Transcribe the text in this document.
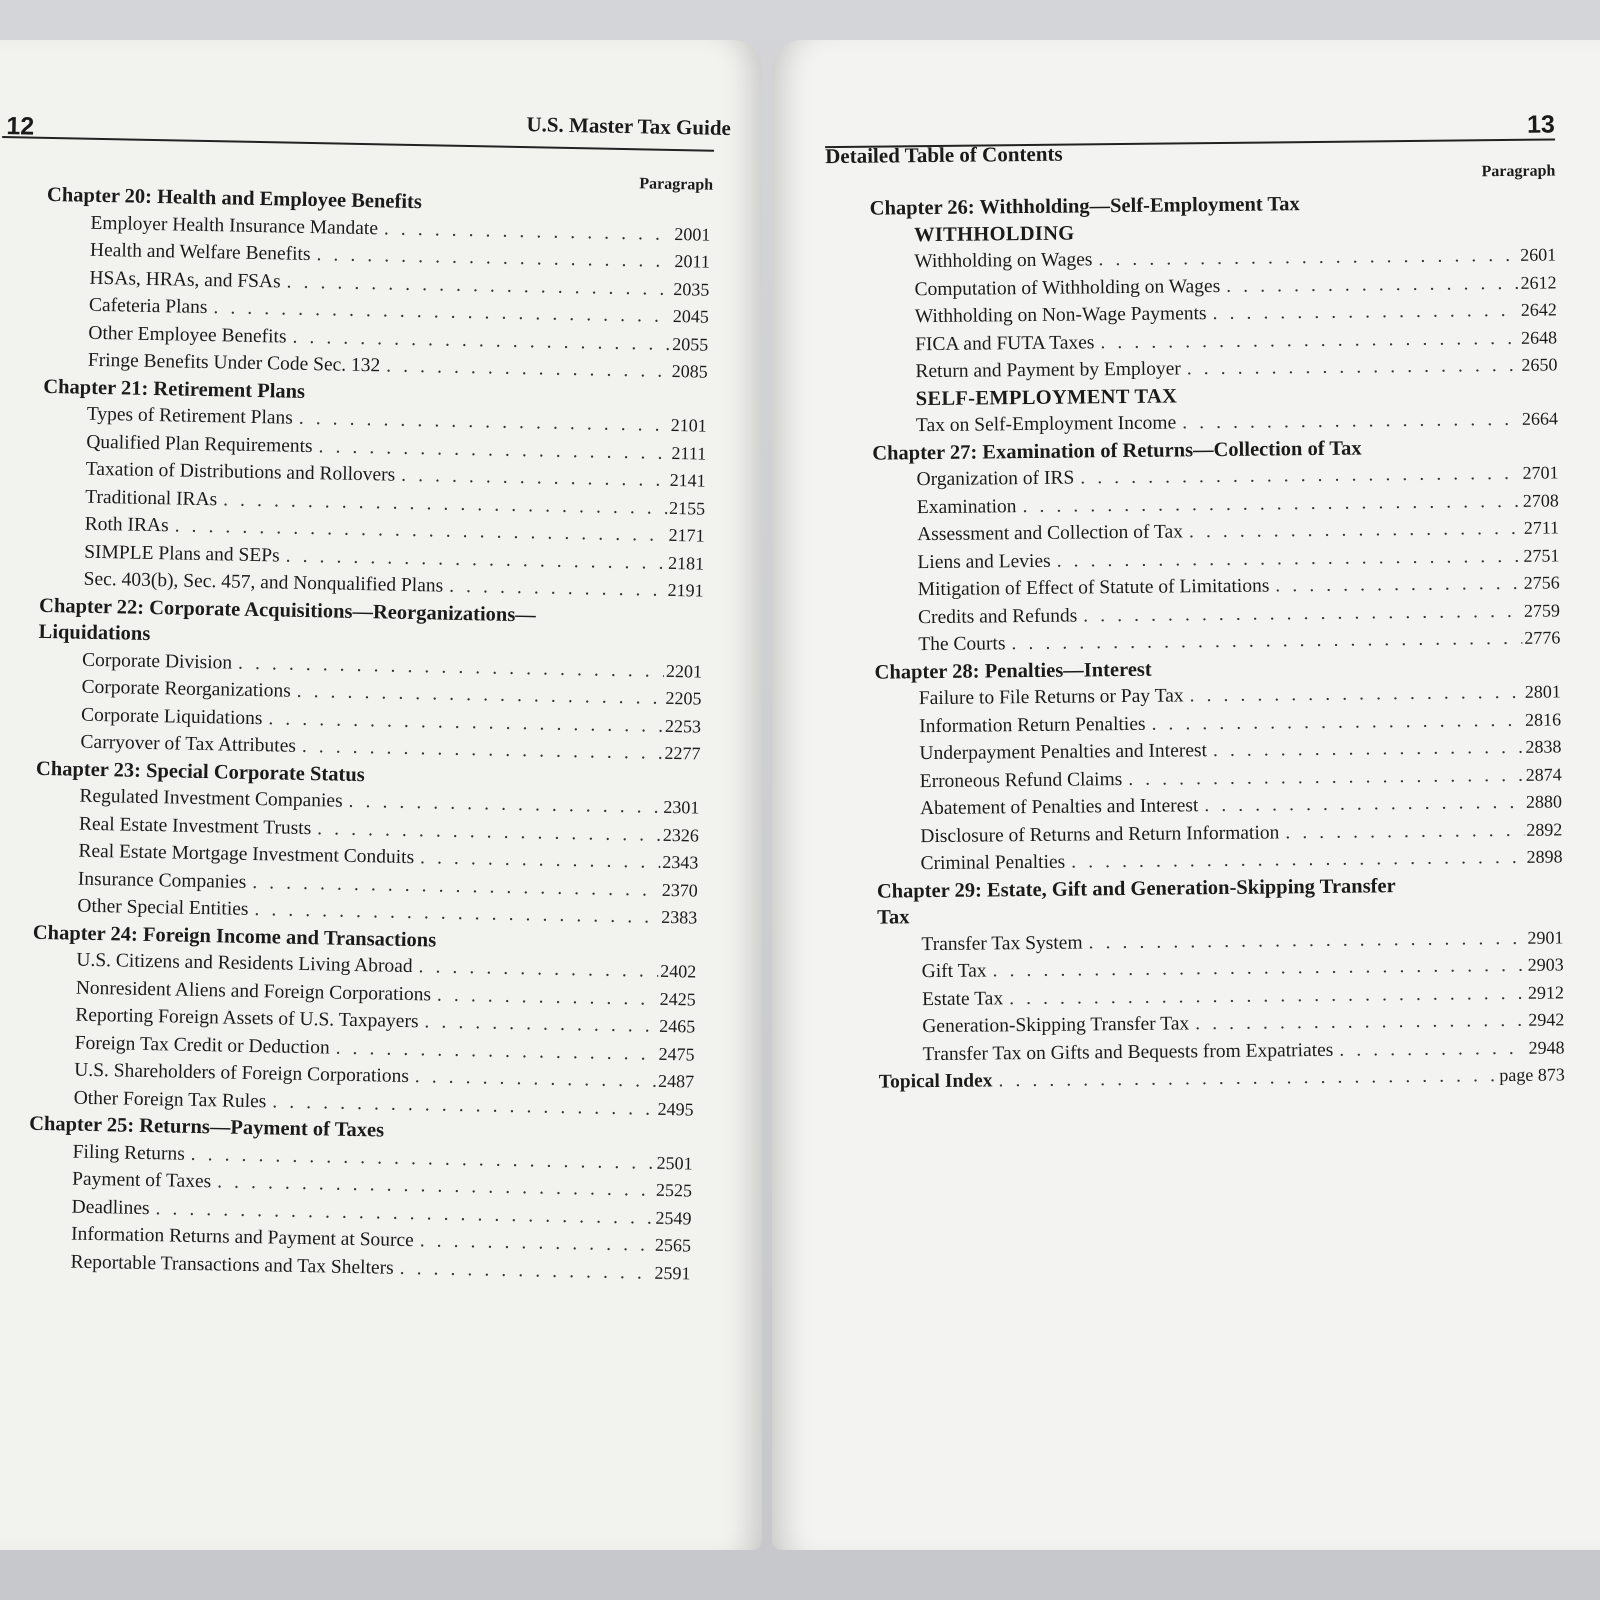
12	U.S. Master Tax Guide
Paragraph
Chapter 20: Health and Employee Benefits
Employer Health Insurance Mandate . . .	2001
Health and Welfare Benefits . . .	2011
HSAs, HRAs, and FSAs . . .	2035
Cafeteria Plans . . .	2045
Other Employee Benefits . . .	2055
Fringe Benefits Under Code Sec. 132 . . .	2085
Chapter 21: Retirement Plans
Types of Retirement Plans . . .	2101
Qualified Plan Requirements . . .	2111
Taxation of Distributions and Rollovers . . .	2141
Traditional IRAs . . .	2155
Roth IRAs . . .	2171
SIMPLE Plans and SEPs . . .	2181
Sec. 403(b), Sec. 457, and Nonqualified Plans . . .	2191
Chapter 22: Corporate Acquisitions—Reorganizations—Liquidations
Corporate Division . . .	2201
Corporate Reorganizations . . .	2205
Corporate Liquidations . . .	2253
Carryover of Tax Attributes . . .	2277
Chapter 23: Special Corporate Status
Regulated Investment Companies . . .	2301
Real Estate Investment Trusts . . .	2326
Real Estate Mortgage Investment Conduits . . .	2343
Insurance Companies . . .	2370
Other Special Entities . . .	2383
Chapter 24: Foreign Income and Transactions
U.S. Citizens and Residents Living Abroad . . .	2402
Nonresident Aliens and Foreign Corporations . . .	2425
Reporting Foreign Assets of U.S. Taxpayers . . .	2465
Foreign Tax Credit or Deduction . . .	2475
U.S. Shareholders of Foreign Corporations . . .	2487
Other Foreign Tax Rules . . .	2495
Chapter 25: Returns—Payment of Taxes
Filing Returns . . .	2501
Payment of Taxes . . .	2525
Deadlines . . .	2549
Information Returns and Payment at Source . . .	2565
Reportable Transactions and Tax Shelters . . .	2591
Detailed Table of Contents
13
Paragraph
Chapter 26: Withholding—Self-Employment Tax
WITHHOLDING
Withholding on Wages . . .	2601
Computation of Withholding on Wages . . .	2612
Withholding on Non-Wage Payments . . .	2642
FICA and FUTA Taxes . . .	2648
Return and Payment by Employer . . .	2650
SELF-EMPLOYMENT TAX
Tax on Self-Employment Income . . .	2664
Chapter 27: Examination of Returns—Collection of Tax
Organization of IRS . . .	2701
Examination . . .	2708
Assessment and Collection of Tax . . .	2711
Liens and Levies . . .	2751
Mitigation of Effect of Statute of Limitations . . .	2756
Credits and Refunds . . .	2759
The Courts . . .	2776
Chapter 28: Penalties—Interest
Failure to File Returns or Pay Tax . . .	2801
Information Return Penalties . . .	2816
Underpayment Penalties and Interest . . .	2838
Erroneous Refund Claims . . .	2874
Abatement of Penalties and Interest . . .	2880
Disclosure of Returns and Return Information . . .	2892
Criminal Penalties . . .	2898
Chapter 29: Estate, Gift and Generation-Skipping Transfer Tax
Transfer Tax System . . .	2901
Gift Tax . . .	2903
Estate Tax . . .	2912
Generation-Skipping Transfer Tax . . .	2942
Transfer Tax on Gifts and Bequests from Expatriates . . .	2948
Topical Index . . .	page 873
